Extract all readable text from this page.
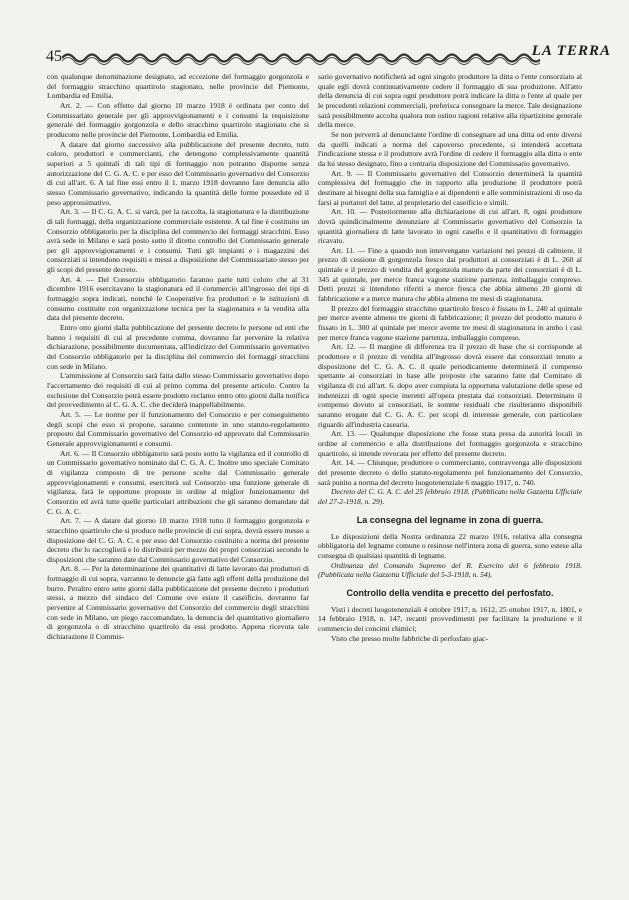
45	LA TERRA

con qualunque denominazione designato, ad eccezione del formaggio gorgonzola e del formaggio stracchino quartirolo stagionato, nelle provincie del Piemonte, Lombardia ed Emilia.

Art. 2. — Con effetto dal giorno 10 marzo 1918 è ordinata per conto del Commissariato generale per gli approvvigionamenti e i consumi la requisizione generale del formaggio gorgonzola e dello stracchino quartirolo stagionato che si producono nelle provincie del Piemonte, Lombardia ed Emilia.

A datare dal giorno successivo alla pubblicazione del presente decreto, tutti coloro, produttori e commercianti, che detengono complessivamente quantità superiori a 5 quintali di tali tipi di formaggio non potranno disporne senza autorizzazione del C. G. A. C. e per esso del Commissario governativo del Consorzio di cui all'art. 6. A tal fine essi entro il 1. marzo 1918 dovranno fare denuncia allo stesso Commissario governativo, indicando la quantità delle forme possedute ed il peso approssimativo.

Art. 3. — Il C. G. A. C. si varrà, per la raccolta, la stagionatura e la distribuzione di tali formaggi, della organizzazione commerciale esistente. A tal fine è costituito un Consorzio obbligatorio per la disciplina del commercio dei formaggi stracchini. Esso avrà sede in Milano e sarà posto sotto il diretto controllo del Commissario generale per gli approvvigionamenti e i consumi. Tutti gli impianti e i magazzini dei consorziati si intendono requisiti e messi a disposizione del Commissariato stesso per gli scopi del presente decreto.

Art. 4. — Del Consorzio obbligatorio faranno parte tutti coloro che al 31 dicembre 1916 esercitavano la stagionatura ed il commercio all'ingrosso dei tipi di formaggio sopra indicati, nonchè le Cooperative fra produttori e le istituzioni di consumo costituite con organizzazione tecnica per la stagionatura e la vendita alla data del presente decreto.

Entro otto giorni dalla pubblicazione del presente decreto le persone od enti che hanno i requisiti di cui al precedente comma, dovranno far pervenire la relativa dichiarazione, possibilmente documentata, all'indirizzo del Commissario governativo del Consorzio obbligatorio per la disciplina del commercio dei formaggi stracchini con sede in Milano.

L'ammissione al Consorzio sarà fatta dallo stesso Commissario governativo dopo l'accertamento dei requisiti di cui al primo comma del presente articolo. Contro la esclusione del Consorzio potrà essere prodotto reclamo entro otto giorni dalla notifica del provvedimento al C. G. A. C. che deciderà inappellabilmente.

Art. 5. — Le norme per il funzionamento del Consorzio e per conseguimento degli scopi che esso si propone, saranno contenute in uno statuto-regolamento proposto dal Commissario governativo del Consorzio ed approvato dal Commissario Generale approvvigionamenti e consumi.

Art. 6. — Il Consorzio obbligatorio sarà posto sotto la vigilanza ed il controllo di un Commissario governativo nominato dal C. G. A. C. Inoltre uno speciale Comitato di vigilanza composto di tre persone scelte dal Commissario generale approvvigionamenti e consumi, eserciterà sul Consorzio una funzione generale di vigilanza, farà le opportune proposte in ordine al miglior funzionamento del Consorzio ed avrà tutte quelle particolari attribuzioni che gli saranno demandate dal C. G. A. C.

Art. 7. — A datare dal giorno 10 marzo 1918 tutto il formaggio gorgonzola e stracchino quartirolo che si produce nelle provincie di cui sopra, dovrà essere messo a disposizione del C. G. A. C. e per esso del Consorzio costituito a norma del presente decreto che lo raccoglierà e lo distribuirà per mezzo dei propri consorziati secondo le disposizioni che saranno date dal Commissario governativo del Consorzio.

Art. 8. — Per la determinazione dei quantitativi di latte lavorato dai produttori di formaggio di cui sopra, varranno le denuncie già fatte agli effetti della produzione del burro. Peraltro entro sette giorni dalla pubblicazione del presente decreto i produttori stessi, a mezzo del sindaco del Comune ove esiste il caseificio, dovranno far pervenire al Commissario governativo del Consorzio del commercio degli stracchini con sede in Milano, un piego raccomandato, la denuncia del quantitativo giornaliero di gorgonzola o di stracchino quartirolo da essi prodotto. Appena ricevuta tale dichiarazione il Commis-

sario governativo notificherà ad ogni singolo produttore la ditta o l'ente consorziato al quale egli dovrà continuativamente cedere il formaggio di sua produzione. All'atto della denuncia di cui sopra ogni produttore potrà indicare la ditta o l'ente al quale per le precedenti relazioni commerciali, preferisca consegnare la merce. Tale designazione sarà possibilmente accolta qualora non ostino ragioni relative alla ripartizione generale della merce.

Se non perverrà al denunciante l'ordine di consegnare ad una ditta od ente diversi da quelli indicati a norma del capoverso precedente, si intenderà accettata l'indicazione stessa e il produttore avrà l'ordine di cedere il formaggio alla ditta o ente da lui stesso designato, fino a contraria disposizione del Commissario governativo.

Art. 9. — Il Commissario governativo del Consorzio determinerà la quantità complessiva del formaggio che in rapporto alla produzione il produttore potrà destinare ai bisogni della sua famiglia e ai dipendenti e alle somministrazioni di uso da farsi ai portatori del latte, al proprietario del caseificio e simili.

Art. 10. — Posteriormente alla dichiarazione di cui all'art. 8, ogni produttore dovrà quindicinalmente denunziare al Commissario governativo del Consorzio la quantità giornaliera di latte lavorato in ogni casello e il quantitativo di formaggio ricavato.

Art. 11. — Fino a quando non intervengano variazioni nei prezzi di calmiere, il prezzo di cessione di gorgonzola fresco dai produttori ai consorziati è di L. 260 al quintale e il prezzo di vendita del gorgonzola maturo da parte dei consorziati è di L. 345 al quintale, per merce franca vagone stazione partenza, imballaggio compreso. Detti prezzi si intendono riferiti a merce fresca che abbia almeno 20 giorni di fabbricazione e a merce matura che abbia almeno tre mesi di stagionatura.

Il prezzo del formaggio stracchino quartirolo fresco è fissato in L. 240 al quintale per merce avente almeno tre giorni di fabbricazione; il prezzo del prodotto maturo è fissato in L. 300 al quintale per merce avente tre mesi di stagionatura in ambo i casi per merce franca vagone stazione partenza, imballaggio compreso.

Art. 12. — Il margine di differenza tra il prezzo di base che si corrisponde al produttore e il prezzo di vendita all'ingrosso dovrà essere dai consorziati tenuto a disposizione del C. G. A. C. il quale periodicamente determinerà il compenso spettante ai consorziati in base alle proposte che saranno fatte dal Comitato di vigilanza di cui all'art. 6. dopo aver compiuta la opportuna valutazione delle spese ed indennizzi di ogni specie inerenti all'opera prestata dai consorziati. Determinato il compenso dovuto ai consorziati, le somme residuali che risulteranno disponibili saranno erogate dal C. G. A. C. per scopi di interesse generale, con particolare riguardo all'industria casearia.

Art. 13. — Qualunque disposizione che fosse stata presa da autorità locali in ordine al commercio e alla distribuzione del formaggio gorgonzola e stracchino quartirolo, si intende revocata per effetto del presente decreto.

Art. 14. — Chiunque, produttore o commerciante, contravvenga alle disposizioni del presente decreto o dello statuto-regolamento pel funzionamento del Consorzio, sarà punito a norma del decreto luogotenenziale 6 maggio 1917, n. 740.

Decreto del C. G. A. C. del 25 febbraio 1918. (Pubblicato nella Gazzetta Ufficiale del 27-2-1918, n. 29).

La consegna del legname in zona di guerra.

Le disposizioni della Nostra ordinanza 22 marzo 1916, relativa alla consegna obbligatoria del legname comune o resinose nell'intera zona di guerra, sono estese alla consegna di qualsiasi quantità di legname.

Ordinanza del Comando Supremo del R. Esercito del 6 febbraio 1918. (Pubblicata nella Gazzetta Ufficiale del 5-3-1918, n. 54).

Controllo della vendita e precetto del perfosfato.

Visti i decreti luogotenenziali 4 ottobre 1917, n. 1612, 25 ottobre 1917, n. 1801, e 14 febbraio 1918, n. 147, recanti provvedimenti per facilitare la produzione e il commercio dei concimi chimici;

Visto che presso molte fabbriche di perfosfato giac-
